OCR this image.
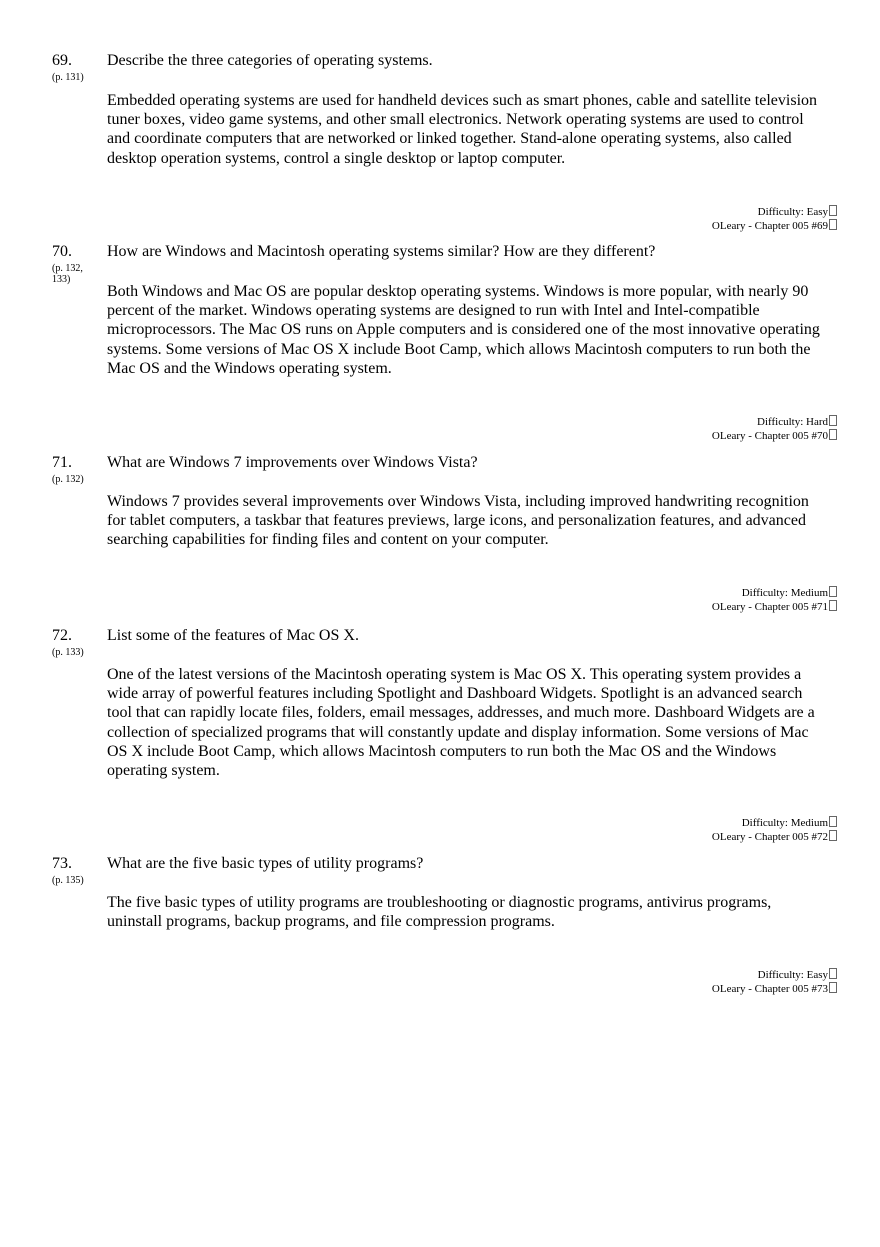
69.
(p. 131)
Describe the three categories of operating systems.
Embedded operating systems are used for handheld devices such as smart phones, cable and satellite television tuner boxes, video game systems, and other small electronics. Network operating systems are used to control and coordinate computers that are networked or linked together. Stand-alone operating systems, also called desktop operation systems, control a single desktop or laptop computer.
Difficulty: Easy
OLeary - Chapter 005 #69
70.
(p. 132, 133)
How are Windows and Macintosh operating systems similar? How are they different?
Both Windows and Mac OS are popular desktop operating systems. Windows is more popular, with nearly 90 percent of the market. Windows operating systems are designed to run with Intel and Intel-compatible microprocessors. The Mac OS runs on Apple computers and is considered one of the most innovative operating systems. Some versions of Mac OS X include Boot Camp, which allows Macintosh computers to run both the Mac OS and the Windows operating system.
Difficulty: Hard
OLeary - Chapter 005 #70
71.
(p. 132)
What are Windows 7 improvements over Windows Vista?
Windows 7 provides several improvements over Windows Vista, including improved handwriting recognition for tablet computers, a taskbar that features previews, large icons, and personalization features, and advanced searching capabilities for finding files and content on your computer.
Difficulty: Medium
OLeary - Chapter 005 #71
72.
(p. 133)
List some of the features of Mac OS X.
One of the latest versions of the Macintosh operating system is Mac OS X. This operating system provides a wide array of powerful features including Spotlight and Dashboard Widgets. Spotlight is an advanced search tool that can rapidly locate files, folders, email messages, addresses, and much more. Dashboard Widgets are a collection of specialized programs that will constantly update and display information. Some versions of Mac OS X include Boot Camp, which allows Macintosh computers to run both the Mac OS and the Windows operating system.
Difficulty: Medium
OLeary - Chapter 005 #72
73.
(p. 135)
What are the five basic types of utility programs?
The five basic types of utility programs are troubleshooting or diagnostic programs, antivirus programs, uninstall programs, backup programs, and file compression programs.
Difficulty: Easy
OLeary - Chapter 005 #73
